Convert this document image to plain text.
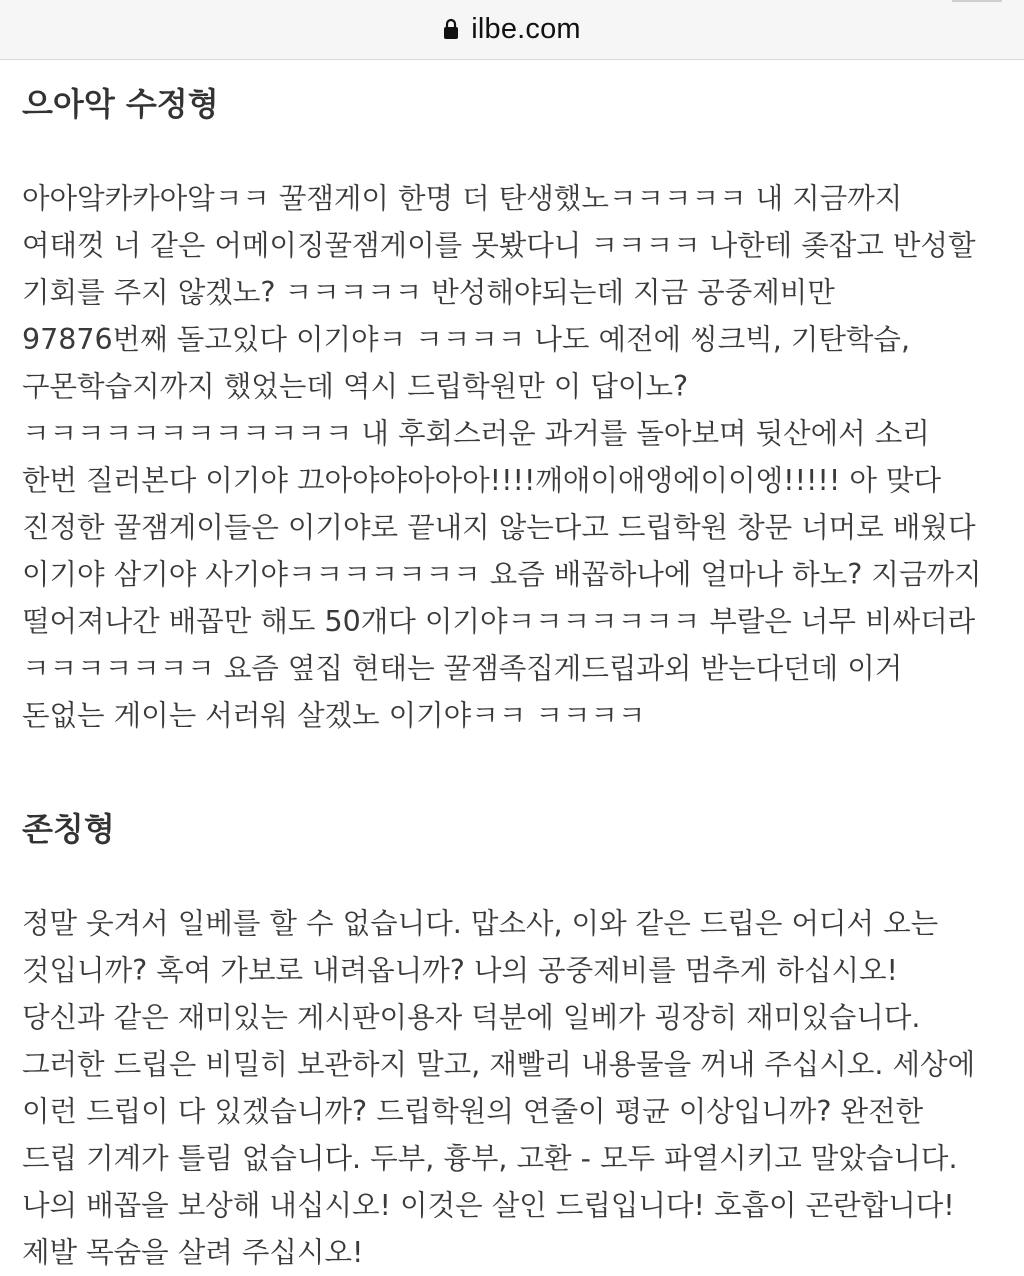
ilbe.com
으아악 수정형

아아앜카카아앜ㅋㅋ 꿀잼게이 한명 더 탄생했노ㅋㅋㅋㅋㅋ 내 지금까지 여태껏 너 같은 어메이징꿀잼게이를 못봤다니 ㅋㅋㅋㅋ 나한테 좆잡고 반성할 기회를 주지 않겠노? ㅋㅋㅋㅋㅋ 반성해야되는데 지금 공중제비만 97876번째 돌고있다 이기야ㅋ ㅋㅋㅋㅋ 나도 예전에 씽크빅, 기탄학습, 구몬학습지까지 했었는데 역시 드립학원만 이 답이노? ㅋㅋㅋㅋㅋㅋㅋㅋㅋㅋㅋㅋ 내 후회스러운 과거를 돌아보며 뒷산에서 소리 한번 질러본다 이기야 끄아야야아아아!!!!깨애이애앵에이이엥!!!!! 아 맞다 진정한 꿀잼게이들은 이기야로 끝내지 않는다고 드립학원 창문 너머로 배웠다 이기야 삼기야 사기야ㅋㅋㅋㅋㅋㅋㅋ 요즘 배꼽하나에 얼마나 하노? 지금까지 떨어져나간 배꼽만 해도 50개다 이기야ㅋㅋㅋㅋㅋㅋㅋ 부랄은 너무 비싸더라 ㅋㅋㅋㅋㅋㅋㅋ 요즘 옆집 현태는 꿀잼족집게드립과외 받는다던데 이거 돈없는 게이는 서러워 살겠노 이기야ㅋㅋ ㅋㅋㅋㅋ

존칭형

정말 웃겨서 일베를 할 수 없습니다. 맙소사, 이와 같은 드립은 어디서 오는 것입니까? 혹여 가보로 내려옵니까? 나의 공중제비를 멈추게 하십시오! 당신과 같은 재미있는 게시판이용자 덕분에 일베가 굉장히 재미있습니다. 그러한 드립은 비밀히 보관하지 말고, 재빨리 내용물을 꺼내 주십시오. 세상에 이런 드립이 다 있겠습니까? 드립학원의 연줄이 평균 이상입니까? 완전한 드립 기계가 틀림 없습니다. 두부, 흉부, 고환 - 모두 파열시키고 말았습니다. 나의 배꼽을 보상해 내십시오! 이것은 살인 드립입니다! 호흡이 곤란합니다! 제발 목숨을 살려 주십시오!
